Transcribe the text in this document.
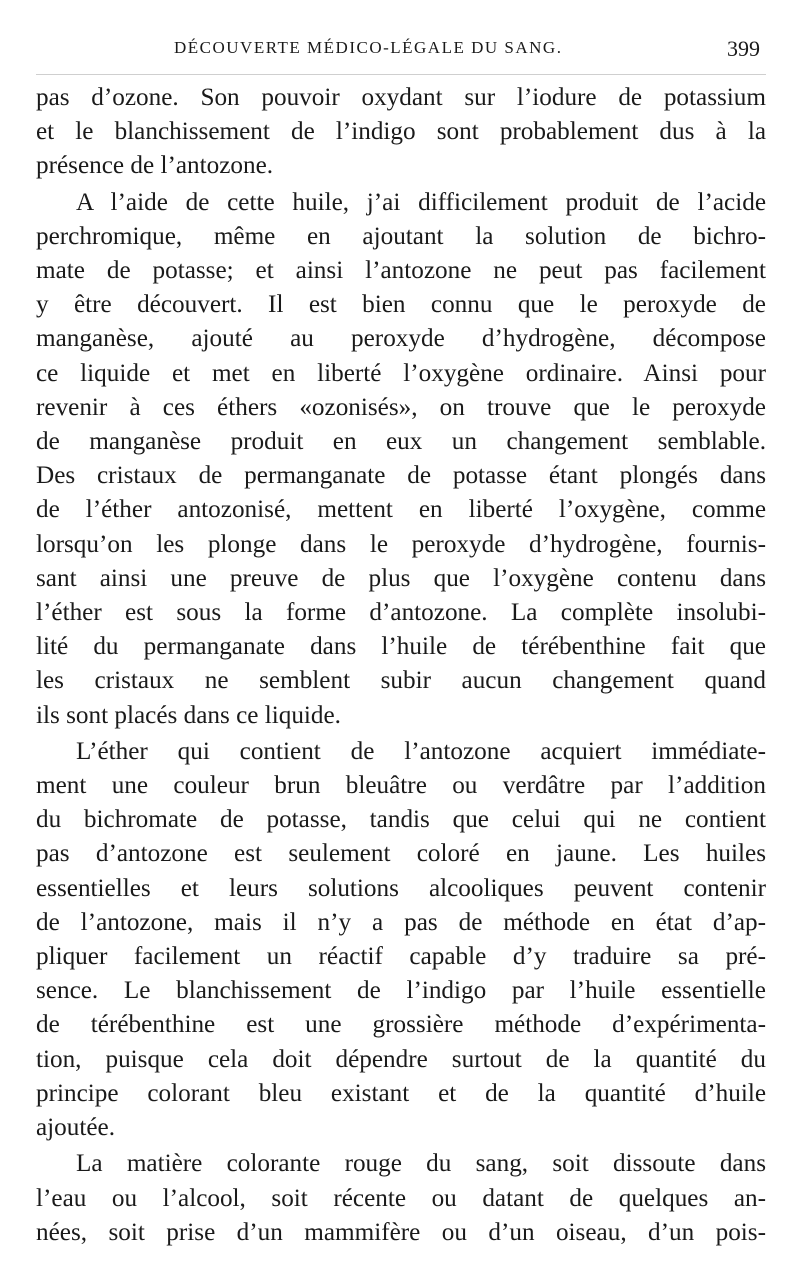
DÉCOUVERTE MÉDICO-LÉGALE DU SANG.	399

pas d’ozone. Son pouvoir oxydant sur l’iodure de potassium
et le blanchissement de l’indigo sont probablement dus à la
présence de l’antozone.

A l’aide de cette huile, j’ai difficilement produit de l’acide
perchromique, même en ajoutant la solution de bichro-
mate de potasse; et ainsi l’antozone ne peut pas facilement
y être découvert. Il est bien connu que le peroxyde de
manganèse, ajouté au peroxyde d’hydrogène, décompose
ce liquide et met en liberté l’oxygène ordinaire. Ainsi pour
revenir à ces éthers «ozonisés», on trouve que le peroxyde
de manganèse produit en eux un changement semblable.
Des cristaux de permanganate de potasse étant plongés dans
de l’éther antozonisé, mettent en liberté l’oxygène, comme
lorsqu’on les plonge dans le peroxyde d’hydrogène, fournis-
sant ainsi une preuve de plus que l’oxygène contenu dans
l’éther est sous la forme d’antozone. La complète insolubi-
lité du permanganate dans l’huile de térébenthine fait que
les cristaux ne semblent subir aucun changement quand
ils sont placés dans ce liquide.

L’éther qui contient de l’antozone acquiert immédiate-
ment une couleur brun bleuâtre ou verdâtre par l’addition
du bichromate de potasse, tandis que celui qui ne contient
pas d’antozone est seulement coloré en jaune. Les huiles
essentielles et leurs solutions alcooliques peuvent contenir
de l’antozone, mais il n’y a pas de méthode en état d’ap-
pliquer facilement un réactif capable d’y traduire sa pré-
sence. Le blanchissement de l’indigo par l’huile essentielle
de térébenthine est une grossière méthode d’expérimenta-
tion, puisque cela doit dépendre surtout de la quantité du
principe colorant bleu existant et de la quantité d’huile
ajoutée.

La matière colorante rouge du sang, soit dissoute dans
l’eau ou l’alcool, soit récente ou datant de quelques an-
nées, soit prise d’un mammifère ou d’un oiseau, d’un pois-
